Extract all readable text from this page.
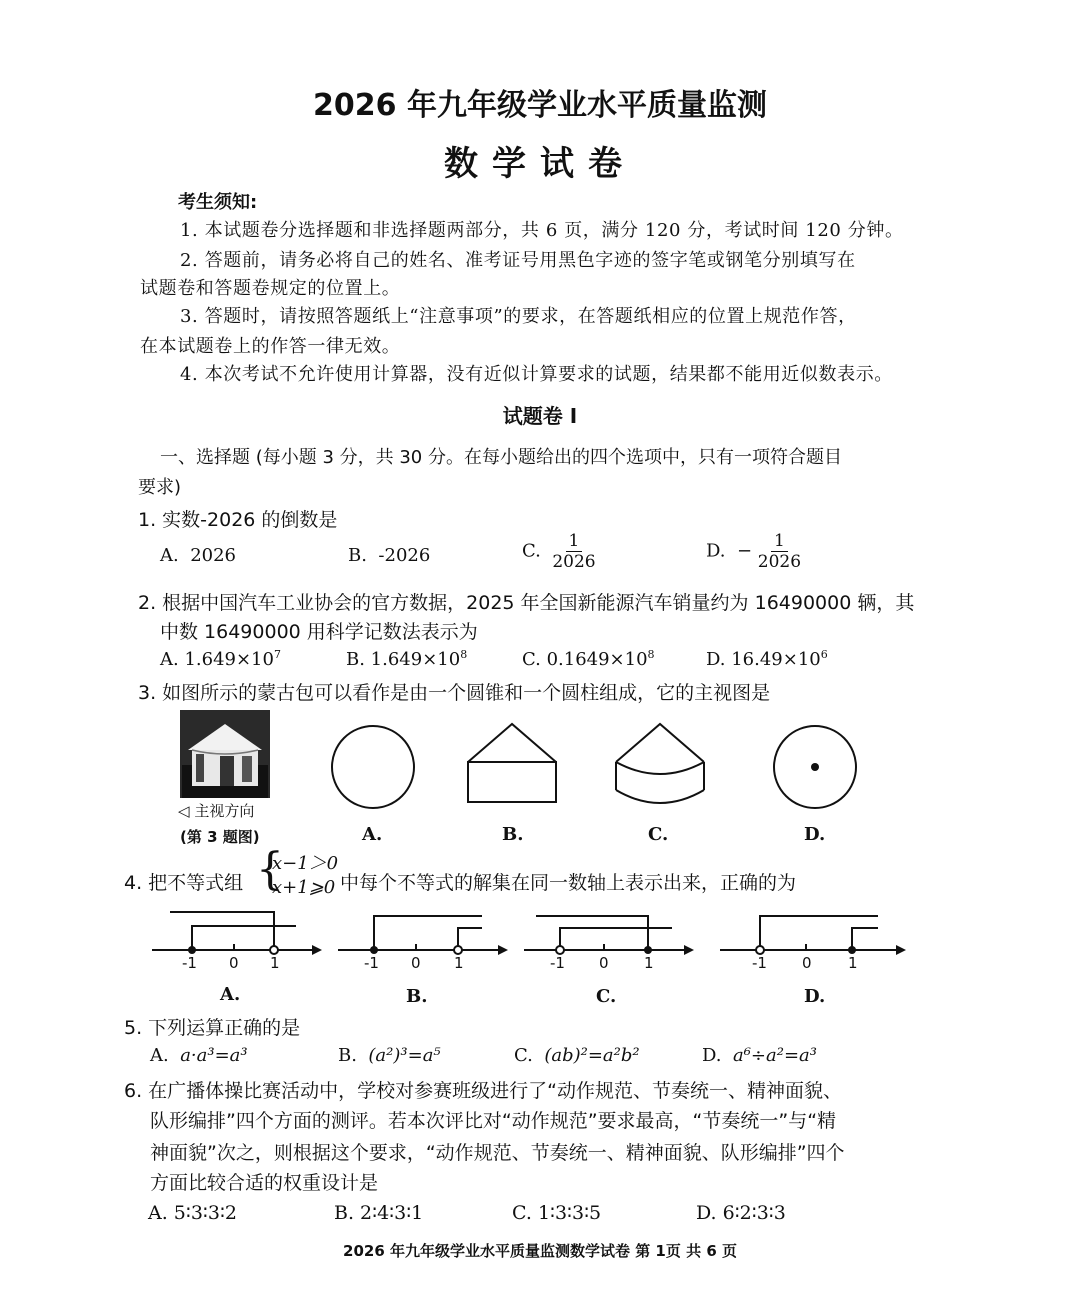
2026 年九年级学业水平质量监测
数学试卷
考生须知:
1. 本试题卷分选择题和非选择题两部分，共 6 页，满分 120 分，考试时间 120 分钟。
2. 答题前，请务必将自己的姓名、准考证号用黑色字迹的签字笔或钢笔分别填写在
试题卷和答题卷规定的位置上。
3. 答题时，请按照答题纸上“注意事项”的要求，在答题纸相应的位置上规范作答，
在本试题卷上的作答一律无效。
4. 本次考试不允许使用计算器，没有近似计算要求的试题，结果都不能用近似数表示。
试题卷 I
一、选择题 (每小题 3 分，共 30 分。在每小题给出的四个选项中，只有一项符合题目
要求)
1. 实数-2026 的倒数是
A. 2026	B. -2026	C. $\frac{1}{2026}$	D. − $\frac{1}{2026}$
2. 根据中国汽车工业协会的官方数据，2025 年全国新能源汽车销量约为 16490000 辆，其
中数 16490000 用科学记数法表示为
A. $1.649\times 10^7$	B. $1.649\times 10^8$	C. $0.1649\times 10^8$	D. $16.49\times 10^6$
3. 如图所示的蒙古包可以看作是由一个圆锥和一个圆柱组成，它的主视图是
◁ 主视方向
(第 3 题图)	A.	B.	C.	D.
4. 把不等式组 {
x−1＞0
x+1⩾0 中每个不等式的解集在同一数轴上表示出来，正确的为
-1 0 1	-1 0 1	-1 0 1	-1 0 1
A.	B.	C.	D.
5. 下列运算正确的是
A. a·a³=a³	B. (a²)³=a⁵	C. (ab)²=a²b²	D. a⁶÷a²=a³
6. 在广播体操比赛活动中，学校对参赛班级进行了“动作规范、节奏统一、精神面貌、
队形编排”四个方面的测评。若本次评比对“动作规范”要求最高，“节奏统一”与“精
神面貌”次之，则根据这个要求，“动作规范、节奏统一、精神面貌、队形编排”四个
方面比较合适的权重设计是
A. 5∶3∶3∶2	B. 2∶4∶3∶1	C. 1∶3∶3∶5	D. 6∶2∶3∶3
2026 年九年级学业水平质量监测数学试卷 第 1页 共 6 页
